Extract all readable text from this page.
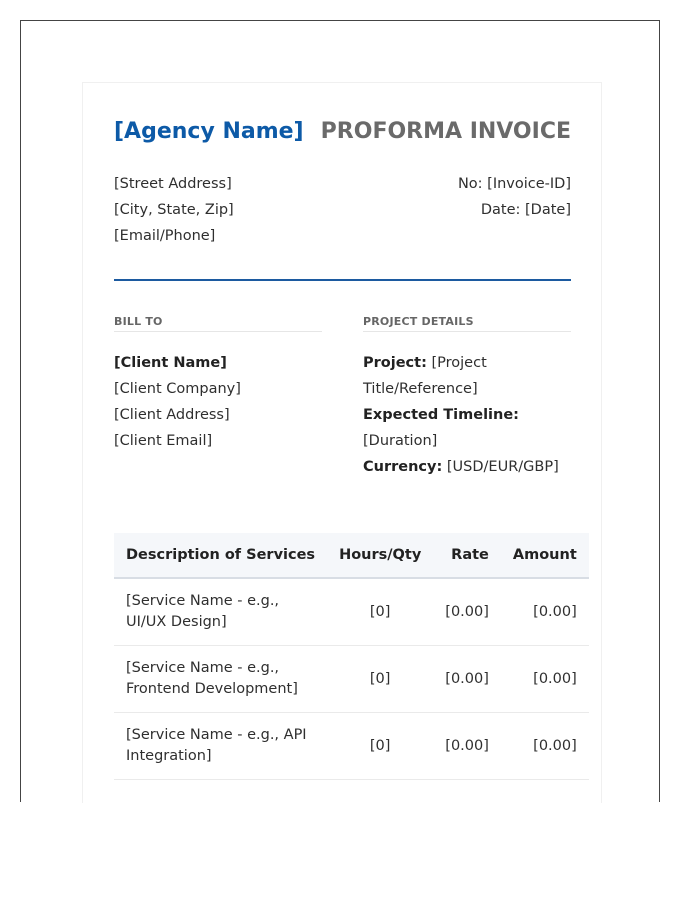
[Agency Name] PROFORMA INVOICE
[Street Address]
[City, State, Zip]
[Email/Phone]
No: [Invoice-ID]
Date: [Date]
BILL TO
[Client Name]
[Client Company]
[Client Address]
[Client Email]
PROJECT DETAILS
Project: [Project Title/Reference]
Expected Timeline:
[Duration]
Currency: [USD/EUR/GBP]
Description of Services	Hours/Qty	Rate	Amount
[Service Name - e.g., UI/UX Design]	[0]	[0.00]	[0.00]
[Service Name - e.g., Frontend Development]	[0]	[0.00]	[0.00]
[Service Name - e.g., API Integration]	[0]	[0.00]	[0.00]
